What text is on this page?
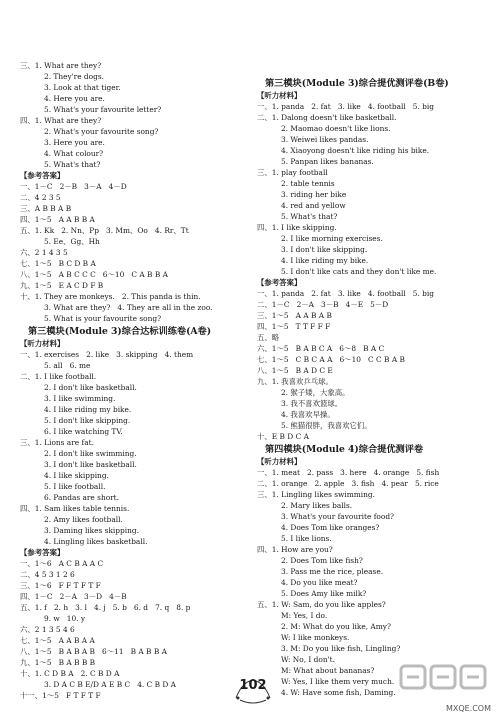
三、1. What are they?
2. They're dogs.
3. Look at that tiger.
4. Here you are.
5. What's your favourite letter?
四、1. What are they?
2. What's your favourite song?
3. Here you are.
4. What colour?
5. What's that?
【参考答案】
一、1－C   2－B   3－A   4－D
二、4 2 3 5
三、A B B A B
四、1～5   A A B B A
五、1. Kk   2. Nn、Pp   3. Mm、Oo   4. Rr、Tt
5. Ee、Gg、Hh
六、2 1 4 3 5
七、1～5   B C D B A
八、1～5   A B C C C   6～10   C A B B A
九、1～5   E A C D F B
十、1. They are monkeys.   2. This panda is thin.
3. What are they?   4. They are all in the zoo.
5. What is your favourite song?
第三模块(Module 3)综合达标训练卷(A卷)
【听力材料】
一、1. exercises   2. like   3. skipping   4. them
5. all   6. me
二、1. I like football.
2. I don't like basketball.
3. I like swimming.
4. I like riding my bike.
5. I don't like skipping.
6. I like watching TV.
三、1. Lions are fat.
2. I don't like swimming.
3. I don't like basketball.
4. I like skipping.
5. I like football.
6. Pandas are short.
四、1. Sam likes table tennis.
2. Amy likes football.
3. Daming likes skipping.
4. Lingling likes basketball.
【参考答案】
一、1～6   A C B A A C
二、4 5 3 1 2 6
三、1～6   F F T F T F
四、1－C   2－A   3－D   4－B
五、1. f   2. h   3. l   4. j   5. b   6. d   7. q   8. p
9. w   10. y
六、2 1 3 5 4 6
七、1～5   A A B A A
八、1～5   B A B A B   6～11   B A B B A
九、1～5   B A B B B
十、1. C D B A   2. C B D A
3. D A C B E/D A E B C   4. C B D A
十一、1～5   F T F T F
第三模块(Module 3)综合提优测评卷(B卷)
【听力材料】
一、1. panda   2. fat   3. like   4. football   5. big
二、1. Dalong doesn't like basketball.
2. Maomao doesn't like lions.
3. Weiwei likes pandas.
4. Xiaoyong doesn't like riding his bike.
5. Panpan likes bananas.
三、1. play football
2. table tennis
3. riding her bike
4. red and yellow
5. What's that?
四、1. I like skipping.
2. I like morning exercises.
3. I don't like skipping.
4. I like riding my bike.
5. I don't like cats and they don't like me.
【参考答案】
一、1. panda   2. fat   3. like   4. football   5. big
二、1－C   2－A   3－B   4－E   5－D
三、1～5   A A B A B
四、1～5   T T F F F
五、略
六、1～5   B A B C A   6～8   B A C
七、1～5   C B C A A   6～10   C C B A B
八、1～5   B A D C E
九、1. 我喜欢乒乓球。
2. 猴子矮，大象高。
3. 我不喜欢篮球。
4. 我喜欢早操。
5. 熊猫很胖，我喜欢它们。
十、E B D C A
第四模块(Module 4)综合提优测评卷
【听力材料】
一、1. meat   2. pass   3. here   4. orange   5. fish
二、1. orange   2. apple   3. fish   4. pear   5. rice
三、1. Lingling likes swimming.
2. Mary likes balls.
3. What's your favourite food?
4. Does Tom like oranges?
5. I like lions.
四、1. How are you?
2. Does Tom like fish?
3. Pass me the rice, please.
4. Do you like meat?
5. Does Amy like milk?
五、1. W: Sam, do you like apples?
M: Yes, I do.
2. M: What do you like, Amy?
W: I like monkeys.
3. M: Do you like fish, Lingling?
W: No, I don't.
M: What about bananas?
W: Yes, I like them very much.
4. W: Have some fish, Daming.
102
MXQE.COM
